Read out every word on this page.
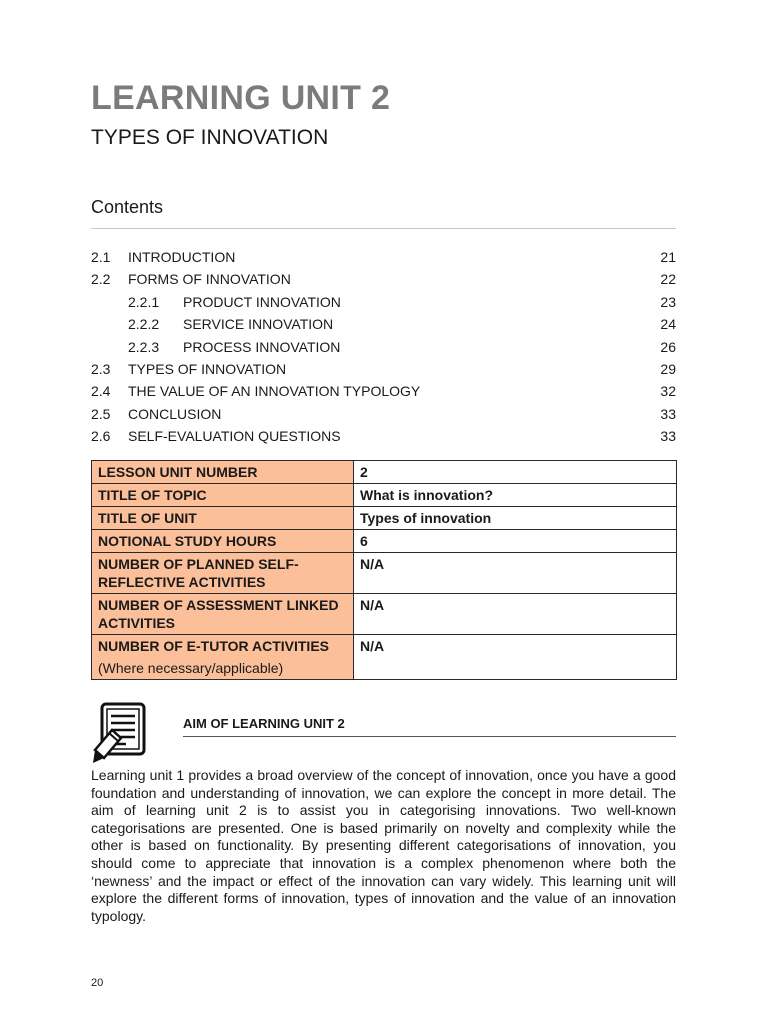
LEARNING UNIT 2
TYPES OF INNOVATION
Contents
2.1 INTRODUCTION	21
2.2 FORMS OF INNOVATION	22
2.2.1 PRODUCT INNOVATION	23
2.2.2 SERVICE INNOVATION	24
2.2.3 PROCESS INNOVATION	26
2.3 TYPES OF INNOVATION	29
2.4 THE VALUE OF AN INNOVATION TYPOLOGY	32
2.5 CONCLUSION	33
2.6 SELF-EVALUATION QUESTIONS	33
LESSON UNIT NUMBER	2
TITLE OF TOPIC	What is innovation?
TITLE OF UNIT	Types of innovation
NOTIONAL STUDY HOURS	6
NUMBER OF PLANNED SELF-REFLECTIVE ACTIVITIES	N/A
NUMBER OF ASSESSMENT LINKED ACTIVITIES	N/A
NUMBER OF E-TUTOR ACTIVITIES
(Where necessary/applicable)	N/A
AIM OF LEARNING UNIT 2

Learning unit 1 provides a broad overview of the concept of innovation, once you have a good foundation and understanding of innovation, we can explore the concept in more detail. The aim of learning unit 2 is to assist you in categorising innovations. Two well-known categorisations are presented. One is based primarily on novelty and complexity while the other is based on functionality. By presenting different categorisations of innovation, you should come to appreciate that innovation is a complex phenomenon where both the ‘newness’ and the impact or effect of the innovation can vary widely. This learning unit will explore the different forms of innovation, types of innovation and the value of an innovation typology.

20
